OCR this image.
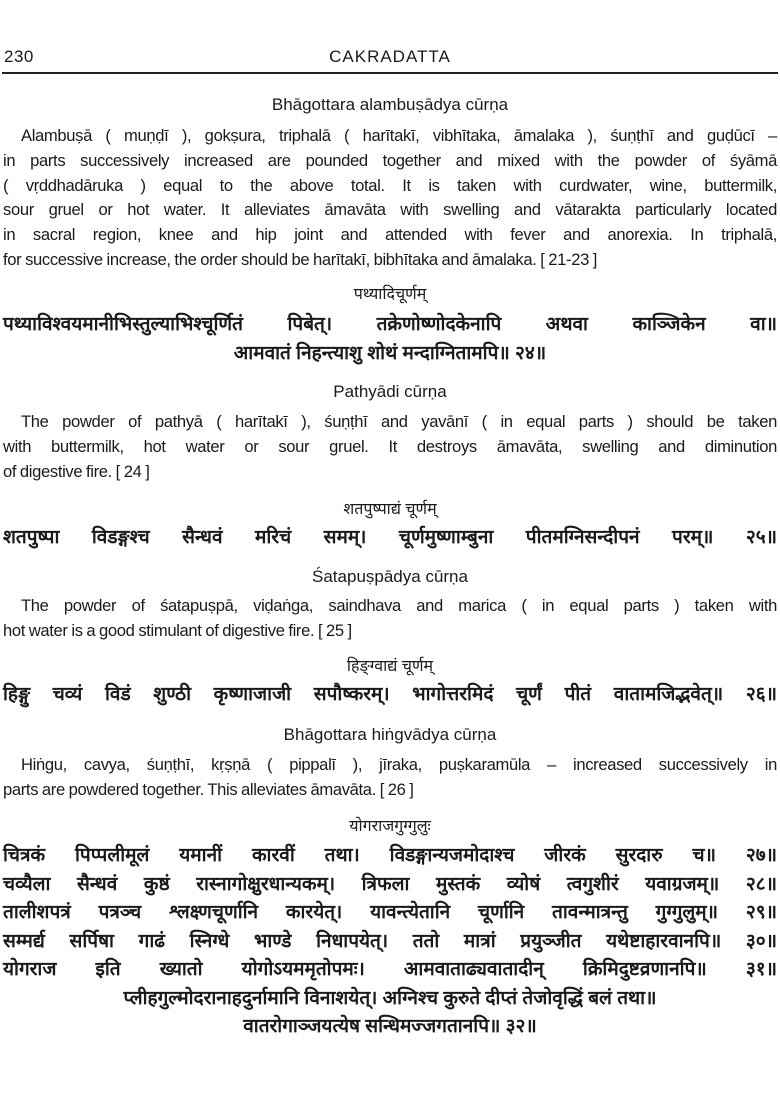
230	CAKRADATTA
Bhāgottara alambuṣādya cūrṇa
Alambuṣā ( muṇḍī ), gokṣura, triphalā ( harītakī, vibhītaka, āmalaka ), śuṇṭhī and guḍūcī –
in parts successively increased are pounded together and mixed with the powder of śyāmā
( vṛddhadāruka ) equal to the above total. It is taken with curdwater, wine, buttermilk,
sour gruel or hot water. It alleviates āmavāta with swelling and vātarakta particularly located
in sacral region, knee and hip joint and attended with fever and anorexia. In triphalā,
for successive increase, the order should be harītakī, bibhītaka and āmalaka. [ 21-23 ]
पथ्यादिचूर्णम्
पथ्याविश्वयमानीभिस्तुल्याभिश्चूर्णितं पिबेत्। तक्रेणोष्णोदकेनापि अथवा काञ्जिकेन वा॥
आमवातं निहन्त्याशु शोथं मन्दाग्नितामपि॥ २४॥
Pathyādi cūrṇa
The powder of pathyā ( harītakī ), śuṇṭhī and yavānī ( in equal parts ) should be taken
with buttermilk, hot water or sour gruel. It destroys āmavāta, swelling and diminution
of digestive fire. [ 24 ]
शतपुष्पाद्यं चूर्णम्
शतपुष्पा विडङ्गश्च सैन्धवं मरिचं समम्। चूर्णमुष्णाम्बुना पीतमग्निसन्दीपनं परम्॥ २५॥
Śatapuṣpādya cūrṇa
The powder of śatapuṣpā, viḍaṅga, saindhava and marica ( in equal parts ) taken with
hot water is a good stimulant of digestive fire. [ 25 ]
हिङ्ग्वाद्यं चूर्णम्
हिङ्गु चव्यं विडं शुण्ठी कृष्णाजाजी सपौष्करम्। भागोत्तरमिदं चूर्णं पीतं वातामजिद्भवेत्॥ २६॥
Bhāgottara hiṅgvādya cūrṇa
Hiṅgu, cavya, śuṇṭhī, kṛṣṇā ( pippalī ), jīraka, puṣkaramūla – increased successively in
parts are powdered together. This alleviates āmavāta. [ 26 ]
योगराजगुग्गुलुः
चित्रकं पिप्पलीमूलं यमानीं कारवीं तथा। विडङ्गान्यजमोदाश्च जीरकं सुरदारु च॥ २७॥
चव्यैला सैन्धवं कुष्ठं रास्नागोक्षुरधान्यकम्। त्रिफला मुस्तकं व्योषं त्वगुशीरं यवाग्रजम्॥ २८॥
तालीशपत्रं पत्रञ्च श्लक्ष्णचूर्णानि कारयेत्। यावन्त्येतानि चूर्णानि तावन्मात्रन्तु गुग्गुलुम्॥ २९॥
सम्मर्द्य सर्पिषा गाढं स्निग्धे भाण्डे निधापयेत्। ततो मात्रां प्रयुञ्जीत यथेष्टाहारवानपि॥ ३०॥
योगराज इति ख्यातो योगोऽयममृतोपमः। आमवाताढ्यवातादीन् क्रिमिदुष्टव्रणानपि॥ ३१॥
प्लीहगुल्मोदरानाहदुर्नामानि विनाशयेत्। अग्निश्च कुरुते दीप्तं तेजोवृद्धिं बलं तथा॥
वातरोगाञ्जयत्येष सन्धिमज्जगतानपि॥ ३२॥
